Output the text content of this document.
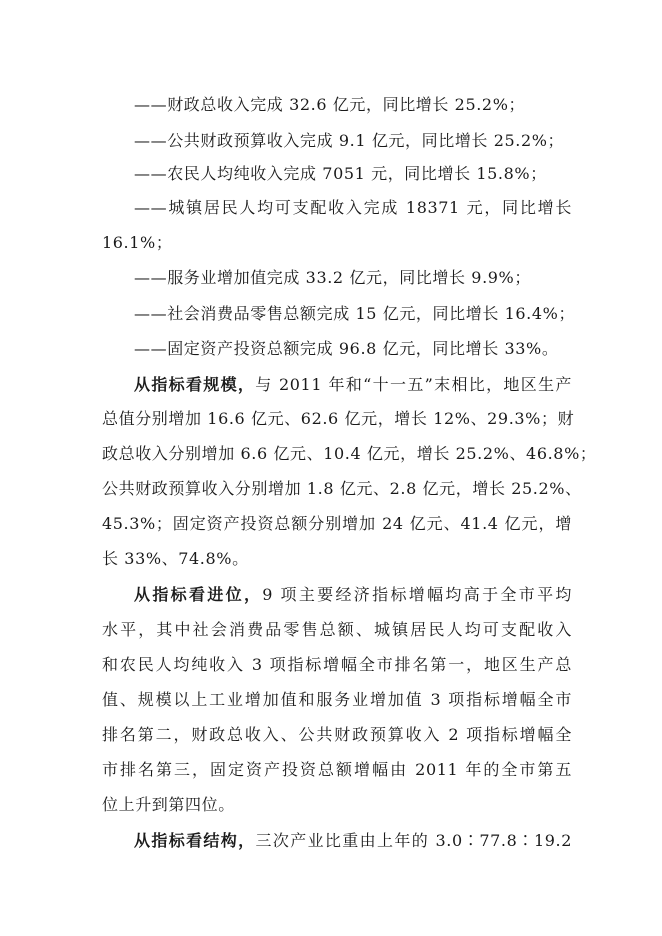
——财政总收入完成 32.6 亿元，同比增长 25.2%；
——公共财政预算收入完成 9.1 亿元，同比增长 25.2%；
——农民人均纯收入完成 7051 元，同比增长 15.8%；
——城镇居民人均可支配收入完成 18371 元，同比增长
16.1%；
——服务业增加值完成 33.2 亿元，同比增长 9.9%；
——社会消费品零售总额完成 15 亿元，同比增长 16.4%；
——固定资产投资总额完成 96.8 亿元，同比增长 33%。
从指标看规模，与 2011 年和“十一五”末相比，地区生产
总值分别增加 16.6 亿元、62.6 亿元，增长 12%、29.3%；财
政总收入分别增加 6.6 亿元、10.4 亿元，增长 25.2%、46.8%；
公共财政预算收入分别增加 1.8 亿元、2.8 亿元，增长 25.2%、
45.3%；固定资产投资总额分别增加 24 亿元、41.4 亿元，增
长 33%、74.8%。
从指标看进位，9 项主要经济指标增幅均高于全市平均
水平，其中社会消费品零售总额、城镇居民人均可支配收入
和农民人均纯收入 3 项指标增幅全市排名第一，地区生产总
值、规模以上工业增加值和服务业增加值 3 项指标增幅全市
排名第二，财政总收入、公共财政预算收入 2 项指标增幅全
市排名第三，固定资产投资总额增幅由 2011 年的全市第五
位上升到第四位。
从指标看结构，三次产业比重由上年的 3.0∶77.8∶19.2
